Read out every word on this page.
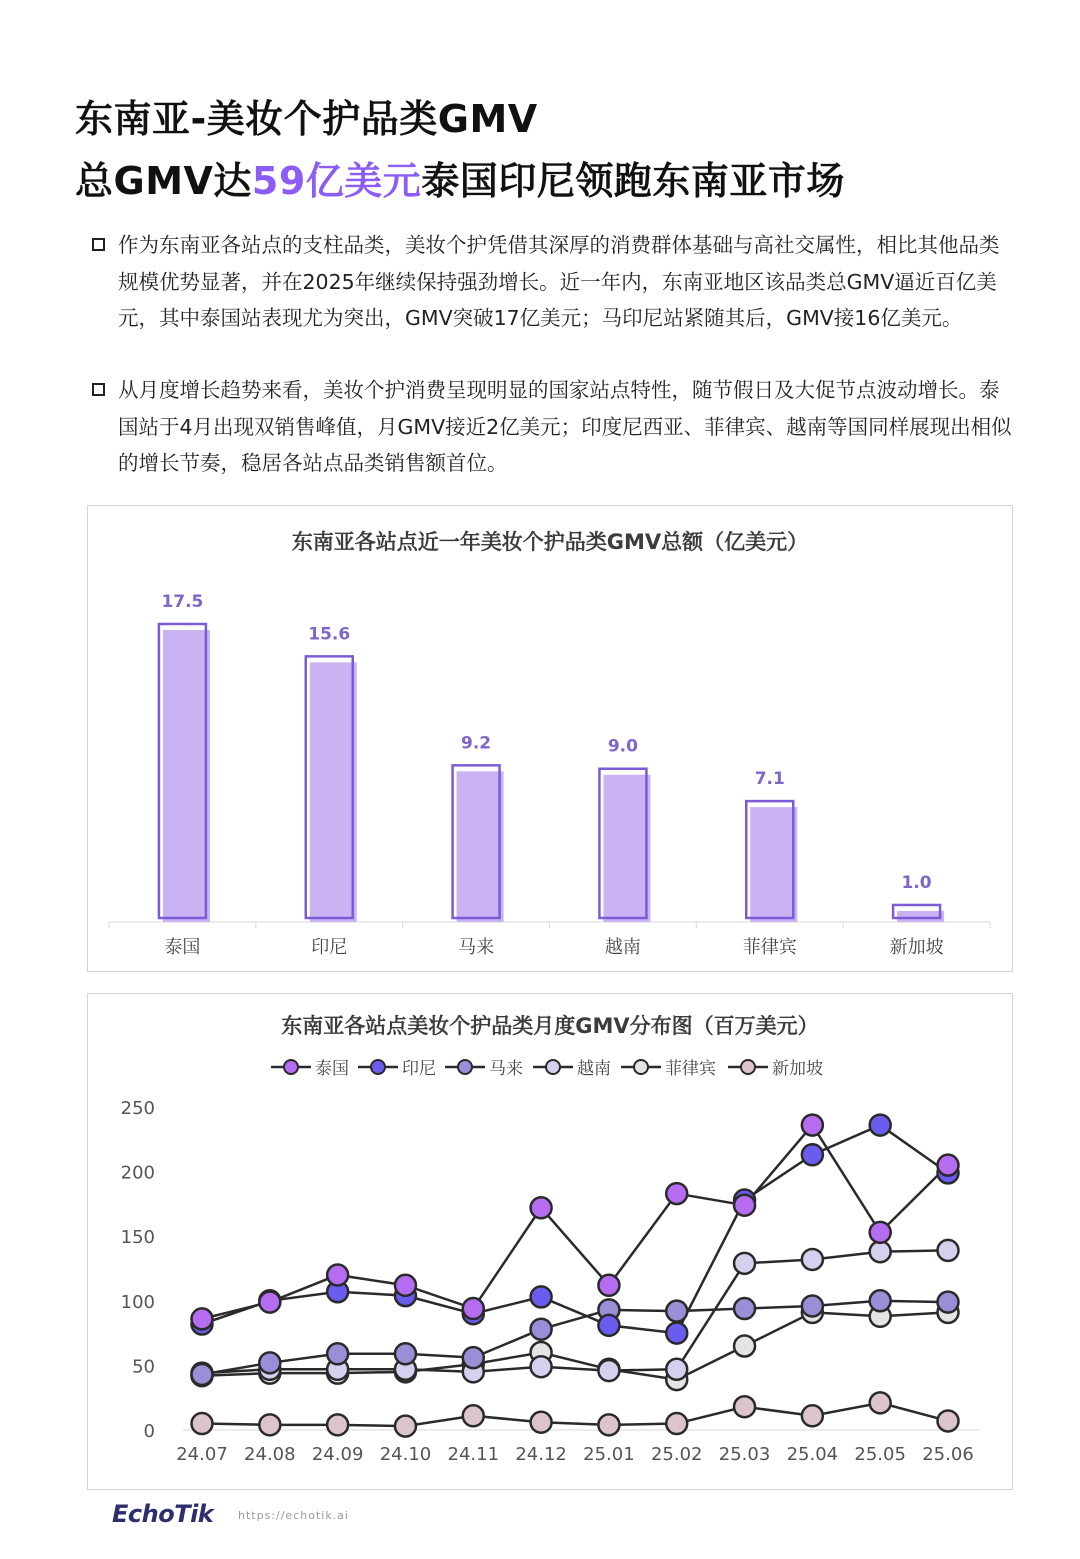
东南亚-美妆个护品类GMV
总GMV达59亿美元泰国印尼领跑东南亚市场
作为东南亚各站点的支柱品类，美妆个护凭借其深厚的消费群体基础与高社交属性，相比其他品类规模优势显著，并在2025年继续保持强劲增长。近一年内，东南亚地区该品类总GMV逼近百亿美元，其中泰国站表现尤为突出，GMV突破17亿美元；马印尼站紧随其后，GMV接16亿美元。
从月度增长趋势来看，美妆个护消费呈现明显的国家站点特性，随节假日及大促节点波动增长。泰国站于4月出现双销售峰值，月GMV接近2亿美元；印度尼西亚、菲律宾、越南等国同样展现出相似的增长节奏，稳居各站点品类销售额首位。
东南亚各站点近一年美妆个护品类GMV总额（亿美元）
17.5
泰国
15.6
印尼
9.2
马来
9.0
越南
7.1
菲律宾
1.0
新加坡
东南亚各站点美妆个护品类月度GMV分布图（百万美元）
0
50
100
150
200
250
24.07 24.08 24.09 24.10 24.11 24.12 25.01 25.02 25.03 25.04 25.05 25.06
泰国	印尼	马来	越南	菲律宾	新加坡
EchoTik https://echotik.ai
